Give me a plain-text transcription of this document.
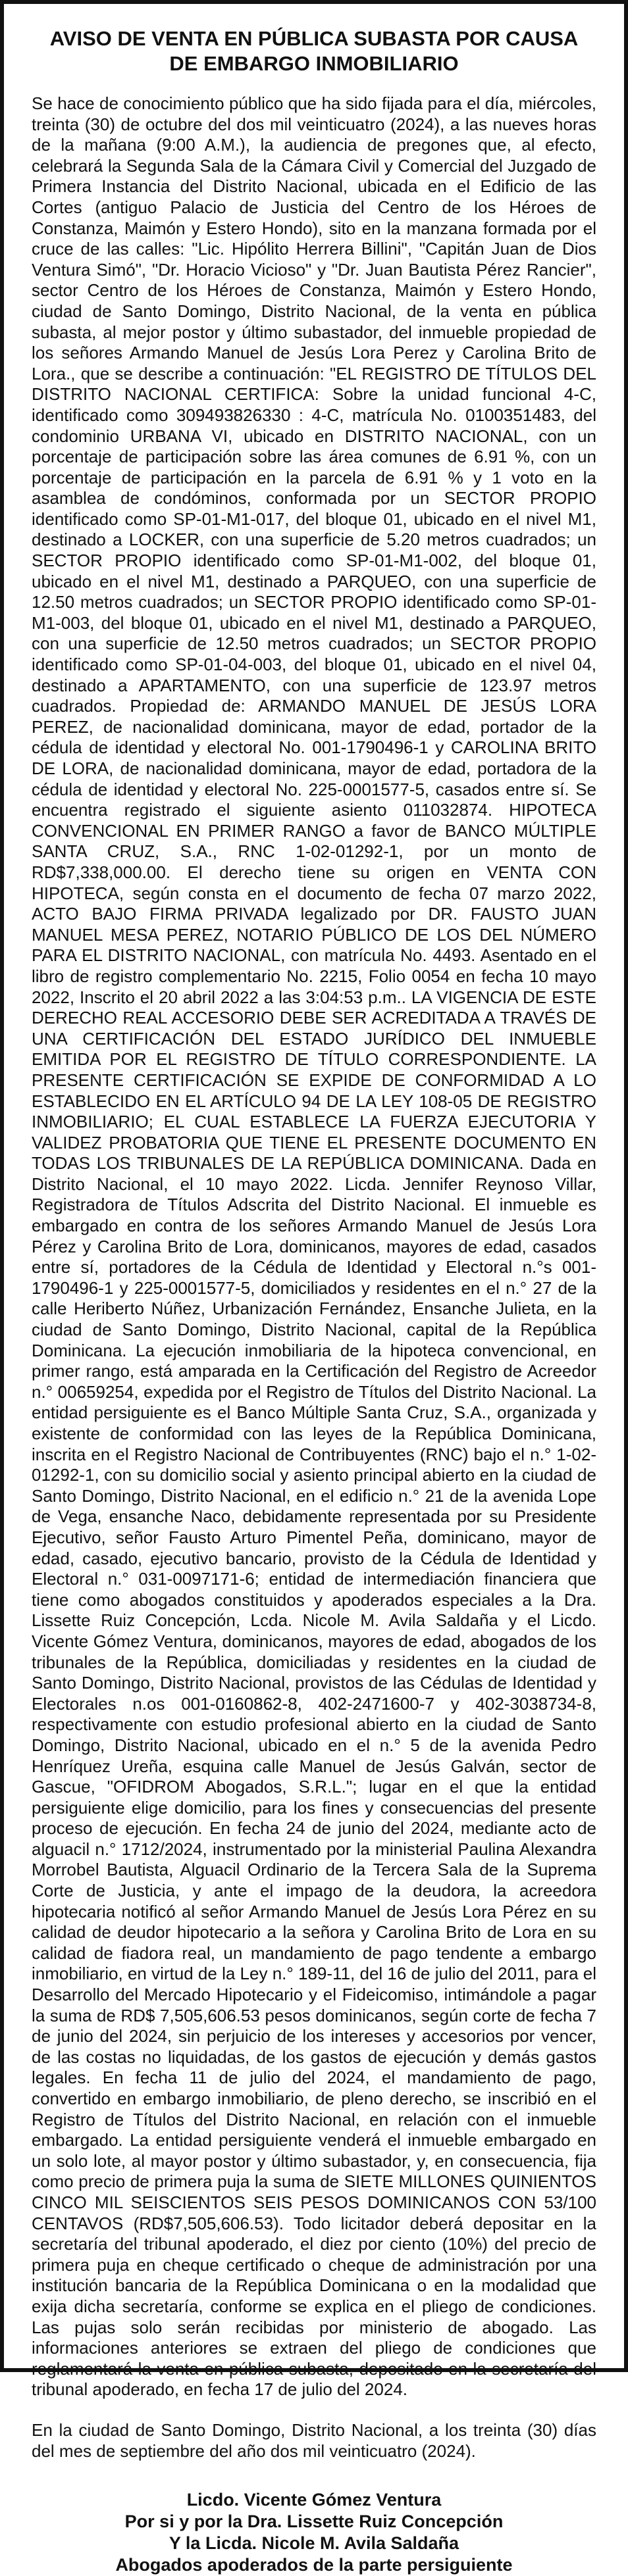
AVISO DE VENTA EN PÚBLICA SUBASTA POR CAUSA
DE EMBARGO INMOBILIARIO

Se hace de conocimiento público que ha sido fijada para el día, miércoles, treinta (30) de octubre del dos mil veinticuatro (2024), a las nueves horas de la mañana (9:00 A.M.), la audiencia de pregones que, al efecto, celebrará la Segunda Sala de la Cámara Civil y Comercial del Juzgado de Primera Instancia del Distrito Nacional, ubicada en el Edificio de las Cortes (antiguo Palacio de Justicia del Centro de los Héroes de Constanza, Maimón y Estero Hondo), sito en la manzana formada por el cruce de las calles: "Lic. Hipólito Herrera Billini", "Capitán Juan de Dios Ventura Simó", "Dr. Horacio Vicioso" y "Dr. Juan Bautista Pérez Rancier", sector Centro de los Héroes de Constanza, Maimón y Estero Hondo, ciudad de Santo Domingo, Distrito Nacional, de la venta en pública subasta, al mejor postor y último subastador, del inmueble propiedad de los señores Armando Manuel de Jesús Lora Perez y Carolina Brito de Lora., que se describe a continuación: "EL REGISTRO DE TÍTULOS DEL DISTRITO NACIONAL CERTIFICA: Sobre la unidad funcional 4-C, identificado como 309493826330 : 4-C, matrícula No. 0100351483, del condominio URBANA VI, ubicado en DISTRITO NACIONAL, con un porcentaje de participación sobre las área comunes de 6.91 %, con un porcentaje de participación en la parcela de 6.91 % y 1 voto en la asamblea de condóminos, conformada por un SECTOR PROPIO identificado como SP-01-M1-017, del bloque 01, ubicado en el nivel M1, destinado a LOCKER, con una superficie de 5.20 metros cuadrados; un SECTOR PROPIO identificado como SP-01-M1-002, del bloque 01, ubicado en el nivel M1, destinado a PARQUEO, con una superficie de 12.50 metros cuadrados; un SECTOR PROPIO identificado como SP-01-M1-003, del bloque 01, ubicado en el nivel M1, destinado a PARQUEO, con una superficie de 12.50 metros cuadrados; un SECTOR PROPIO identificado como SP-01-04-003, del bloque 01, ubicado en el nivel 04, destinado a APARTAMENTO, con una superficie de 123.97 metros cuadrados. Propiedad de: ARMANDO MANUEL DE JESÚS LORA PEREZ, de nacionalidad dominicana, mayor de edad, portador de la cédula de identidad y electoral No. 001-1790496-1 y CAROLINA BRITO DE LORA, de nacionalidad dominicana, mayor de edad, portadora de la cédula de identidad y electoral No. 225-0001577-5, casados entre sí. Se encuentra registrado el siguiente asiento 011032874. HIPOTECA CONVENCIONAL EN PRIMER RANGO a favor de BANCO MÚLTIPLE SANTA CRUZ, S.A., RNC 1-02-01292-1, por un monto de RD$7,338,000.00. El derecho tiene su origen en VENTA CON HIPOTECA, según consta en el documento de fecha 07 marzo 2022, ACTO BAJO FIRMA PRIVADA legalizado por DR. FAUSTO JUAN MANUEL MESA PEREZ, NOTARIO PÚBLICO DE LOS DEL NÚMERO PARA EL DISTRITO NACIONAL, con matrícula No. 4493. Asentado en el libro de registro complementario No. 2215, Folio 0054 en fecha 10 mayo 2022, Inscrito el 20 abril 2022 a las 3:04:53 p.m.. LA VIGENCIA DE ESTE DERECHO REAL ACCESORIO DEBE SER ACREDITADA A TRAVÉS DE UNA CERTIFICACIÓN DEL ESTADO JURÍDICO DEL INMUEBLE EMITIDA POR EL REGISTRO DE TÍTULO CORRESPONDIENTE. LA PRESENTE CERTIFICACIÓN SE EXPIDE DE CONFORMIDAD A LO ESTABLECIDO EN EL ARTÍCULO 94 DE LA LEY 108-05 DE REGISTRO INMOBILIARIO; EL CUAL ESTABLECE LA FUERZA EJECUTORIA Y VALIDEZ PROBATORIA QUE TIENE EL PRESENTE DOCUMENTO EN TODAS LOS TRIBUNALES DE LA REPÚBLICA DOMINICANA. Dada en Distrito Nacional, el 10 mayo 2022. Licda. Jennifer Reynoso Villar, Registradora de Títulos Adscrita del Distrito Nacional. El inmueble es embargado en contra de los señores Armando Manuel de Jesús Lora Pérez y Carolina Brito de Lora, dominicanos, mayores de edad, casados entre sí, portadores de la Cédula de Identidad y Electoral n.°s 001-1790496-1 y 225-0001577-5, domiciliados y residentes en el n.° 27 de la calle Heriberto Núñez, Urbanización Fernández, Ensanche Julieta, en la ciudad de Santo Domingo, Distrito Nacional, capital de la República Dominicana. La ejecución inmobiliaria de la hipoteca convencional, en primer rango, está amparada en la Certificación del Registro de Acreedor n.° 00659254, expedida por el Registro de Títulos del Distrito Nacional. La entidad persiguiente es el Banco Múltiple Santa Cruz, S.A., organizada y existente de conformidad con las leyes de la República Dominicana, inscrita en el Registro Nacional de Contribuyentes (RNC) bajo el n.° 1-02-01292-1, con su domicilio social y asiento principal abierto en la ciudad de Santo Domingo, Distrito Nacional, en el edificio n.° 21 de la avenida Lope de Vega, ensanche Naco, debidamente representada por su Presidente Ejecutivo, señor Fausto Arturo Pimentel Peña, dominicano, mayor de edad, casado, ejecutivo bancario, provisto de la Cédula de Identidad y Electoral n.° 031-0097171-6; entidad de intermediación financiera que tiene como abogados constituidos y apoderados especiales a la Dra. Lissette Ruiz Concepción, Lcda. Nicole M. Avila Saldaña y el Licdo. Vicente Gómez Ventura, dominicanos, mayores de edad, abogados de los tribunales de la República, domiciliadas y residentes en la ciudad de Santo Domingo, Distrito Nacional, provistos de las Cédulas de Identidad y Electorales n.os 001-0160862-8, 402-2471600-7 y 402-3038734-8, respectivamente con estudio profesional abierto en la ciudad de Santo Domingo, Distrito Nacional, ubicado en el n.° 5 de la avenida Pedro Henríquez Ureña, esquina calle Manuel de Jesús Galván, sector de Gascue, "OFIDROM Abogados, S.R.L."; lugar en el que la entidad persiguiente elige domicilio, para los fines y consecuencias del presente proceso de ejecución. En fecha 24 de junio del 2024, mediante acto de alguacil n.° 1712/2024, instrumentado por la ministerial Paulina Alexandra Morrobel Bautista, Alguacil Ordinario de la Tercera Sala de la Suprema Corte de Justicia, y ante el impago de la deudora, la acreedora hipotecaria notificó al señor Armando Manuel de Jesús Lora Pérez en su calidad de deudor hipotecario a la señora y Carolina Brito de Lora en su calidad de fiadora real, un mandamiento de pago tendente a embargo inmobiliario, en virtud de la Ley n.° 189-11, del 16 de julio del 2011, para el Desarrollo del Mercado Hipotecario y el Fideicomiso, intimándole a pagar la suma de RD$ 7,505,606.53 pesos dominicanos, según corte de fecha 7 de junio del 2024, sin perjuicio de los intereses y accesorios por vencer, de las costas no liquidadas, de los gastos de ejecución y demás gastos legales. En fecha 11 de julio del 2024, el mandamiento de pago, convertido en embargo inmobiliario, de pleno derecho, se inscribió en el Registro de Títulos del Distrito Nacional, en relación con el inmueble embargado. La entidad persiguiente venderá el inmueble embargado en un solo lote, al mayor postor y último subastador, y, en consecuencia, fija como precio de primera puja la suma de SIETE MILLONES QUINIENTOS CINCO MIL SEISCIENTOS SEIS PESOS DOMINICANOS CON 53/100 CENTAVOS (RD$7,505,606.53). Todo licitador deberá depositar en la secretaría del tribunal apoderado, el diez por ciento (10%) del precio de primera puja en cheque certificado o cheque de administración por una institución bancaria de la República Dominicana o en la modalidad que exija dicha secretaría, conforme se explica en el pliego de condiciones. Las pujas solo serán recibidas por ministerio de abogado. Las informaciones anteriores se extraen del pliego de condiciones que reglamentará la venta en pública subasta, depositado en la secretaría del tribunal apoderado, en fecha 17 de julio del 2024.

En la ciudad de Santo Domingo, Distrito Nacional, a los treinta (30) días del mes de septiembre del año dos mil veinticuatro (2024).

Licdo. Vicente Gómez Ventura
Por si y por la Dra. Lissette Ruiz Concepción
Y la Licda. Nicole M. Avila Saldaña
Abogados apoderados de la parte persiguiente
